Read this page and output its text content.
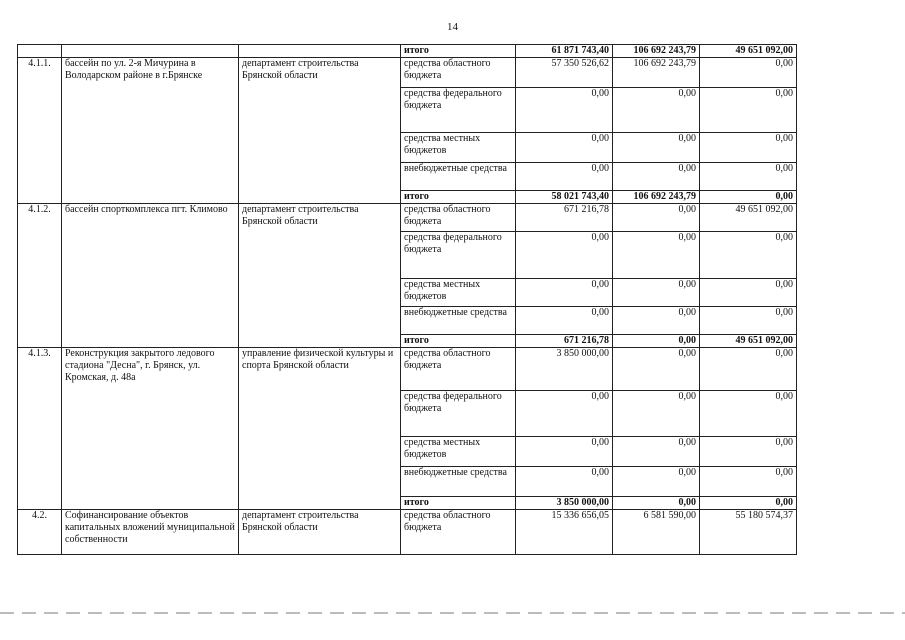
14
			итого	61 871 743,40	106 692 243,79	49 651 092,00
4.1.1.	бассейн по ул. 2-я Мичурина в Володарском районе в г.Брянске	департамент строительства Брянской области	средства областного бюджета	57 350 526,62	106 692 243,79	0,00
			средства федерального бюджета	0,00	0,00	0,00
			средства местных бюджетов	0,00	0,00	0,00
			внебюджетные средства	0,00	0,00	0,00
			итого	58 021 743,40	106 692 243,79	0,00
4.1.2.	бассейн спорткомплекса пгт. Климово	департамент строительства Брянской области	средства областного бюджета	671 216,78	0,00	49 651 092,00
			средства федерального бюджета	0,00	0,00	0,00
			средства местных бюджетов	0,00	0,00	0,00
			внебюджетные средства	0,00	0,00	0,00
			итого	671 216,78	0,00	49 651 092,00
4.1.3.	Реконструкция закрытого ледового стадиона "Десна", г. Брянск, ул. Кромская, д. 48а	управление физической культуры и спорта Брянской области	средства областного бюджета	3 850 000,00	0,00	0,00
			средства федерального бюджета	0,00	0,00	0,00
			средства местных бюджетов	0,00	0,00	0,00
			внебюджетные средства	0,00	0,00	0,00
			итого	3 850 000,00	0,00	0,00
4.2.	Софинансирование объектов капитальных вложений муниципальной собственности	департамент строительства Брянской области	средства областного бюджета	15 336 656,05	6 581 590,00	55 180 574,37
